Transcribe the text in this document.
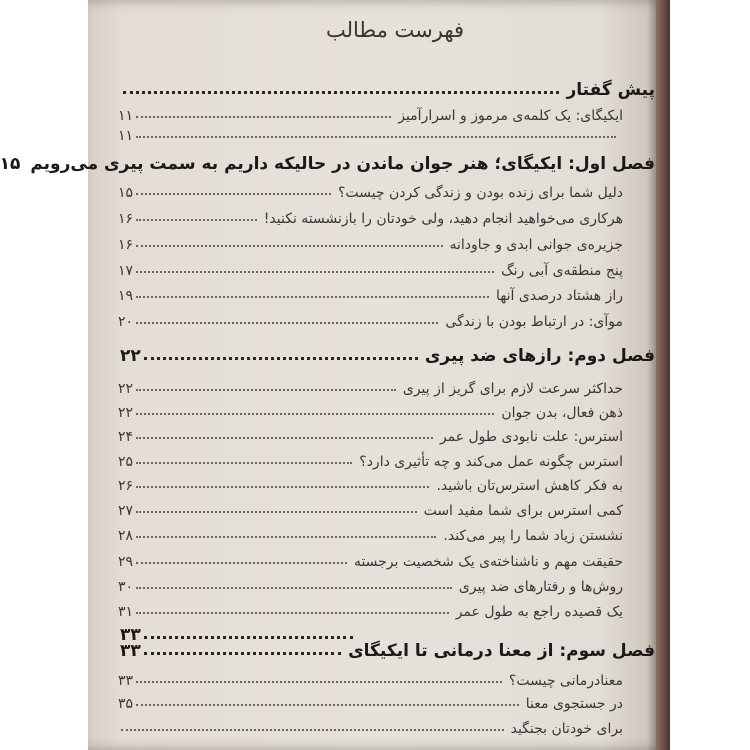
فهرست مطالب
پیش گفتار
ایکیگای: یک کلمه‌ی مرموز و اسرارآمیز
۱۱
۱۱
فصل اول: ایکیگای؛ هنر جوان ماندن در حالیکه داریم به سمت پیری می‌رویم
۱۵
دلیل شما برای زنده بودن و زندگی کردن چیست؟
۱۵
هرکاری می‌خواهید انجام دهید، ولی خودتان را بازنشسته نکنید!
۱۶
جزیره‌ی جوانی ابدی و جاودانه
۱۶
پنج منطقه‌ی آبی رنگ
۱۷
راز هشتاد درصدی آنها
۱۹
موآی: در ارتباط بودن با زندگی
۲۰
فصل دوم: رازهای ضد پیری
۲۲
حداکثر سرعت لازم برای گریز از پیری
۲۲
ذهن فعال، بدن جوان
۲۲
استرس: علت نابودی طول عمر
۲۴
استرس چگونه عمل می‌کند و چه تأثیری دارد؟
۲۵
به فکر کاهش استرس‌تان باشید.
۲۶
کمی استرس برای شما مفید است
۲۷
نشستن زیاد شما را پیر می‌کند.
۲۸
حقیقت مهم و ناشناخته‌ی یک شخصیت برجسته
۲۹
روش‌ها و رفتارهای ضد پیری
۳۰
یک قصیده راجع به طول عمر
۳۱
۳۳
فصل سوم: از معنا درمانی تا ایکیگای
۳۳
معنادرمانی چیست؟
۳۳
در جستجوی معنا
۳۵
برای خودتان بجنگید
